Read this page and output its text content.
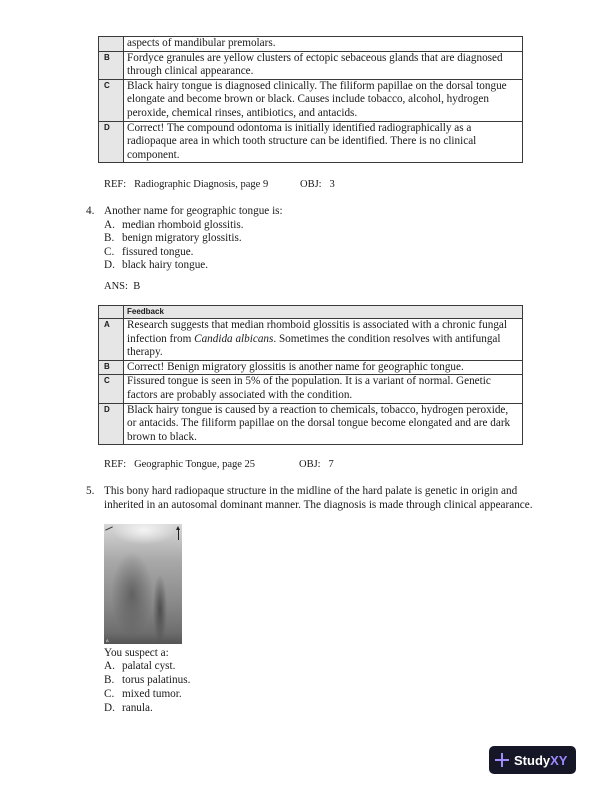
	aspects of mandibular premolars.
B	Fordyce granules are yellow clusters of ectopic sebaceous glands that are diagnosed through clinical appearance.
C	Black hairy tongue is diagnosed clinically. The filiform papillae on the dorsal tongue elongate and become brown or black. Causes include tobacco, alcohol, hydrogen peroxide, chemical rinses, antibiotics, and antacids.
D	Correct! The compound odontoma is initially identified radiographically as a radiopaque area in which tooth structure can be identified. There is no clinical component.
REF: Radiographic Diagnosis, page 9	OBJ: 3
4. Another name for geographic tongue is:
A. median rhomboid glossitis.
B. benign migratory glossitis.
C. fissured tongue.
D. black hairy tongue.
ANS: B
	Feedback
A	Research suggests that median rhomboid glossitis is associated with a chronic fungal infection from Candida albicans. Sometimes the condition resolves with antifungal therapy.
B	Correct! Benign migratory glossitis is another name for geographic tongue.
C	Fissured tongue is seen in 5% of the population. It is a variant of normal. Genetic factors are probably associated with the condition.
D	Black hairy tongue is caused by a reaction to chemicals, tobacco, hydrogen peroxide, or antacids. The filiform papillae on the dorsal tongue become elongated and are dark brown to black.
REF: Geographic Tongue, page 25	OBJ: 7
5. This bony hard radiopaque structure in the midline of the hard palate is genetic in origin and inherited in an autosomal dominant manner. The diagnosis is made through clinical appearance.
A
You suspect a:
A. palatal cyst.
B. torus palatinus.
C. mixed tumor.
D. ranula.
StudyXY
